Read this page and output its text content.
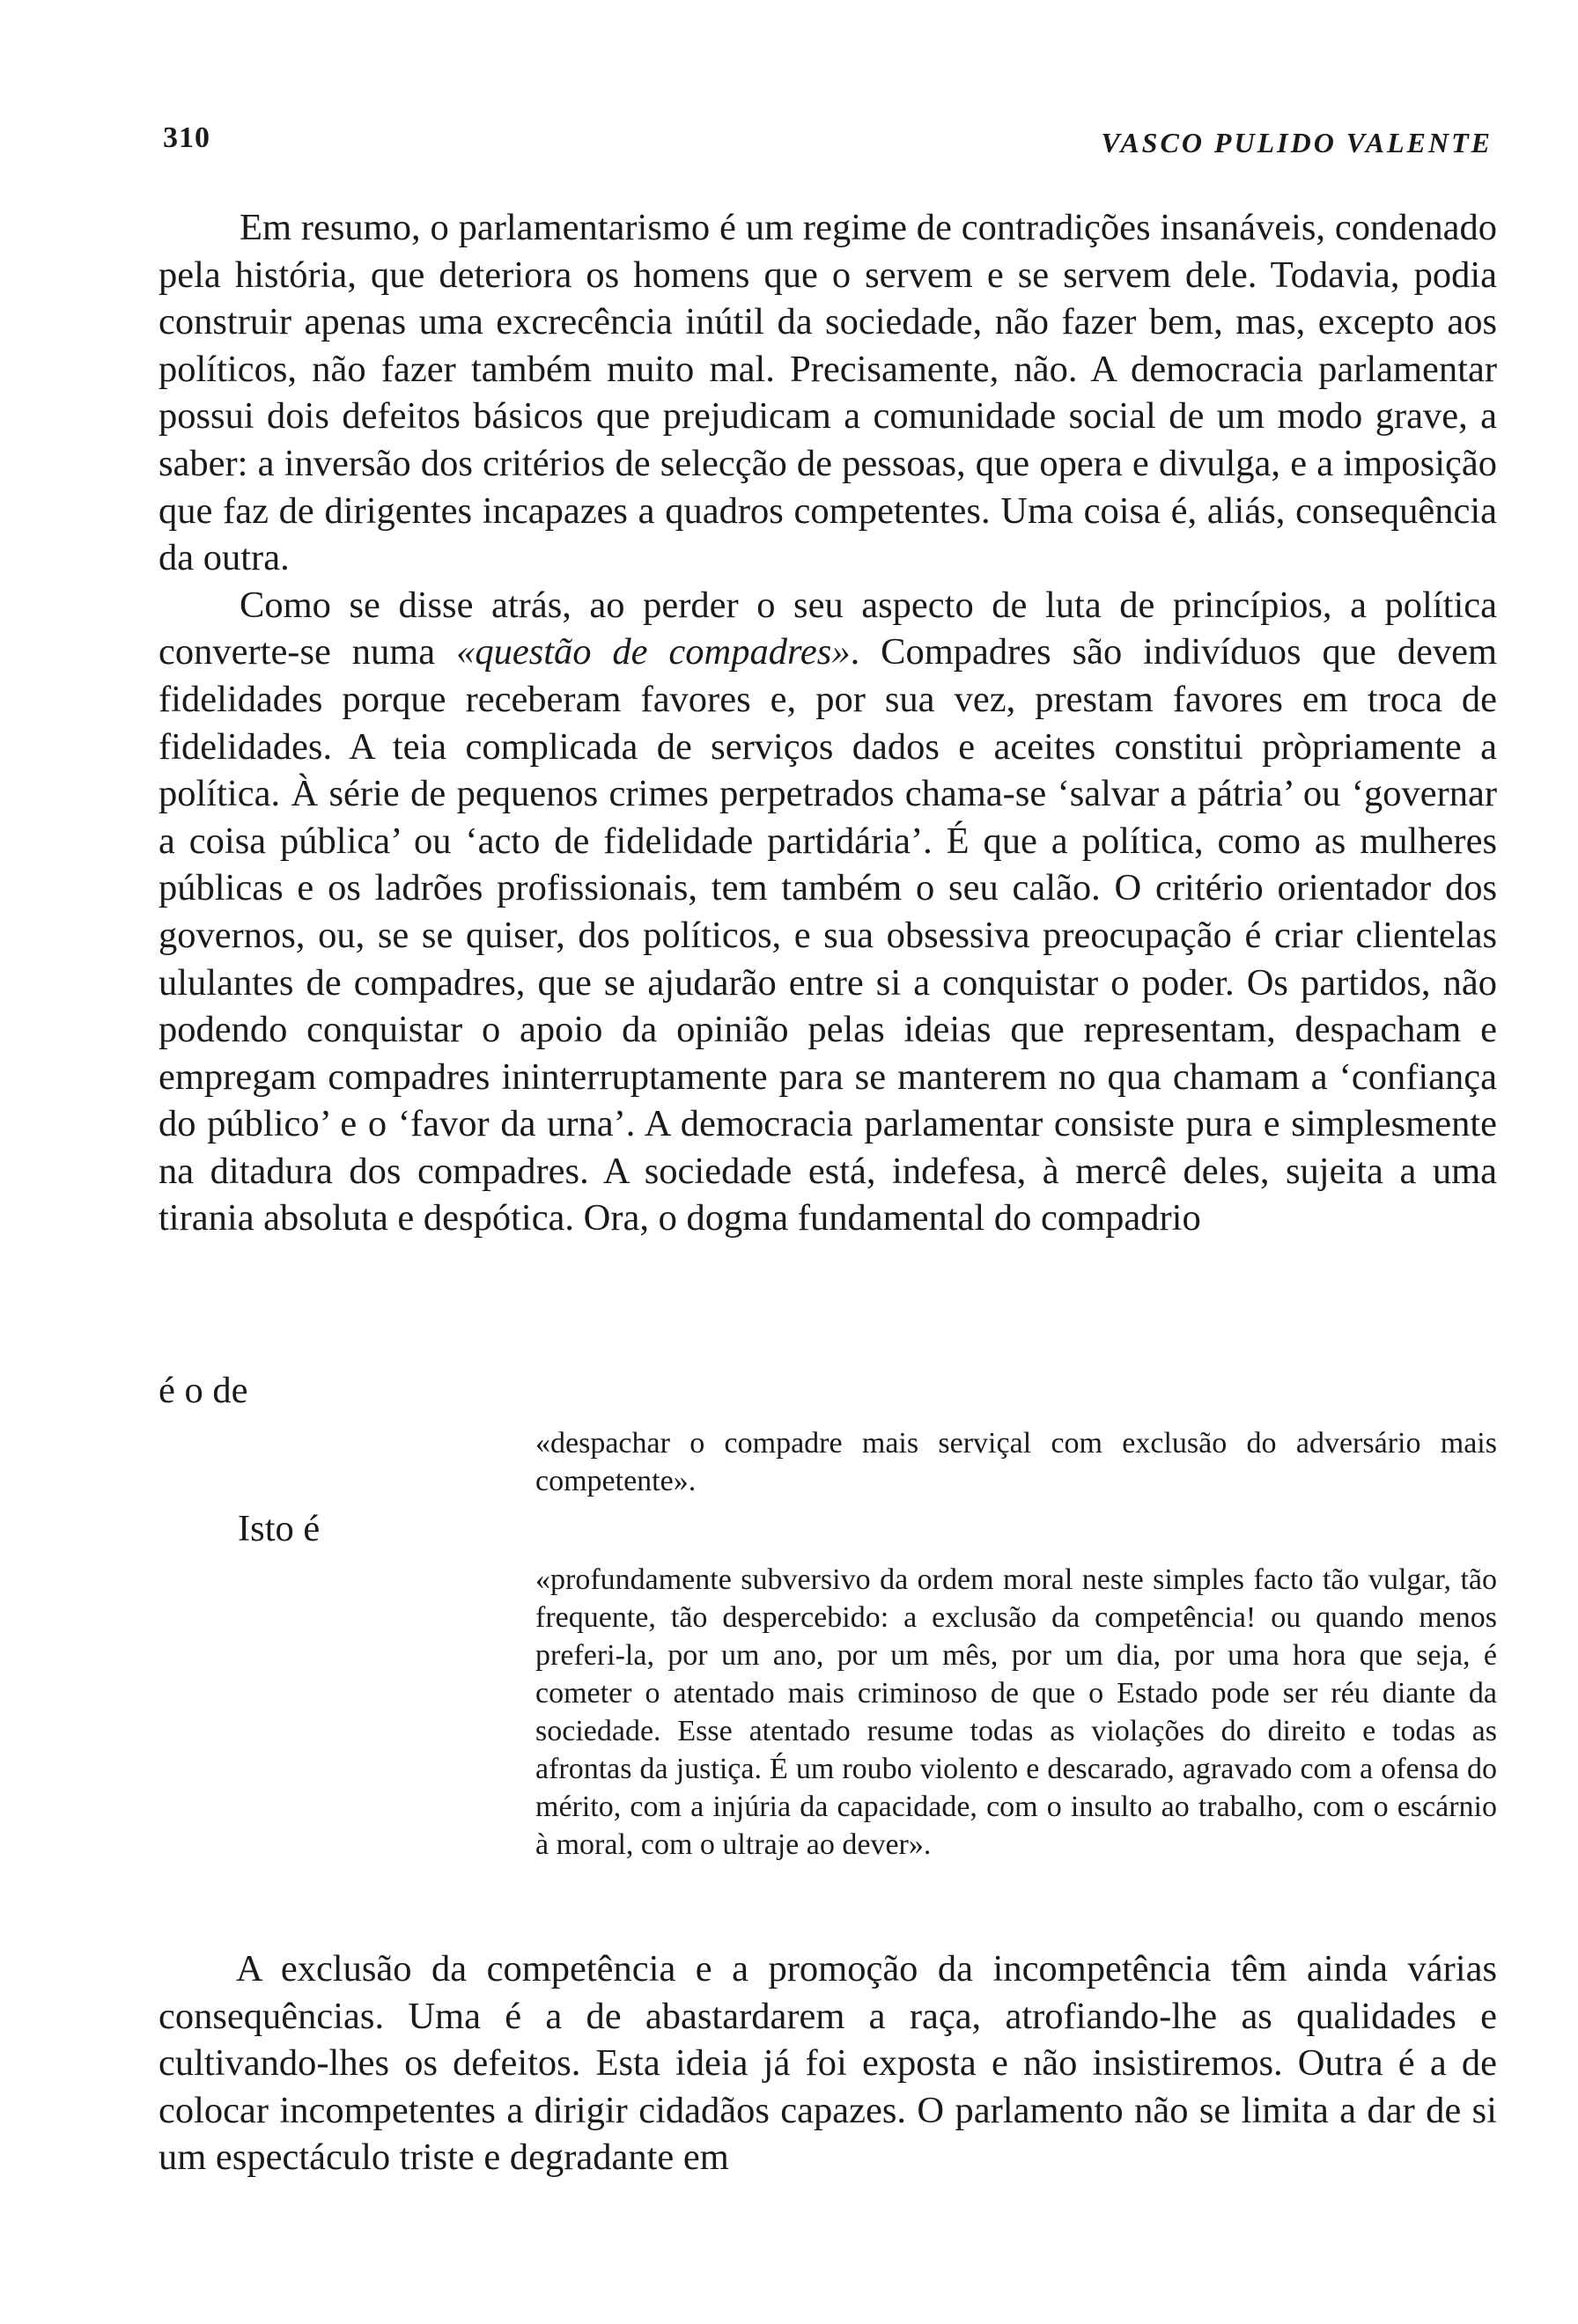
310	VASCO PULIDO VALENTE

Em resumo, o parlamentarismo é um regime de contradições insanáveis, condenado pela história, que deteriora os homens que o servem e se servem dele. Todavia, podia construir apenas uma excrecência inútil da sociedade, não fazer bem, mas, excepto aos políticos, não fazer também muito mal. Precisamente, não. A democracia parlamentar possui dois defeitos básicos que prejudicam a comunidade social de um modo grave, a saber: a inversão dos critérios de selecção de pessoas, que opera e divulga, e a imposição que faz de dirigentes incapazes a quadros competentes. Uma coisa é, aliás, consequência da outra.

Como se disse atrás, ao perder o seu aspecto de luta de princípios, a política converte-se numa «questão de compadres». Compadres são indivíduos que devem fidelidades porque receberam favores e, por sua vez, prestam favores em troca de fidelidades. A teia complicada de serviços dados e aceites constitui pròpriamente a política. À série de pequenos crimes perpetrados chama-se ‘salvar a pátria’ ou ‘governar a coisa pública’ ou ‘acto de fidelidade partidária’. É que a política, como as mulheres públicas e os ladrões profissionais, tem também o seu calão. O critério orientador dos governos, ou, se se quiser, dos políticos, e sua obsessiva preocupação é criar clientelas ululantes de compadres, que se ajudarão entre si a conquistar o poder. Os partidos, não podendo conquistar o apoio da opinião pelas ideias que representam, despacham e empregam compadres ininterruptamente para se manterem no qua chamam a ‘confiança do público’ e o ‘favor da urna’. A democracia parlamentar consiste pura e simplesmente na ditadura dos compadres. A sociedade está, indefesa, à mercê deles, sujeita a uma tirania absoluta e despótica. Ora, o dogma fundamental do compadrio

é o de
«despachar o compadre mais serviçal com exclusão do adversário mais competente».
Isto é
«profundamente subversivo da ordem moral neste simples facto tão vulgar, tão frequente, tão despercebido: a exclusão da competência! ou quando menos preferi-la, por um ano, por um mês, por um dia, por uma hora que seja, é cometer o atentado mais criminoso de que o Estado pode ser réu diante da sociedade. Esse atentado resume todas as violações do direito e todas as afrontas da justiça. É um roubo violento e descarado, agravado com a ofensa do mérito, com a injúria da capacidade, com o insulto ao trabalho, com o escárnio à moral, com o ultraje ao dever».

A exclusão da competência e a promoção da incompetência têm ainda várias consequências. Uma é a de abastardarem a raça, atrofiando-lhe as qualidades e cultivando-lhes os defeitos. Esta ideia já foi exposta e não insistiremos. Outra é a de colocar incompetentes a dirigir cidadãos capazes. O parlamento não se limita a dar de si um espectáculo triste e degradante em
